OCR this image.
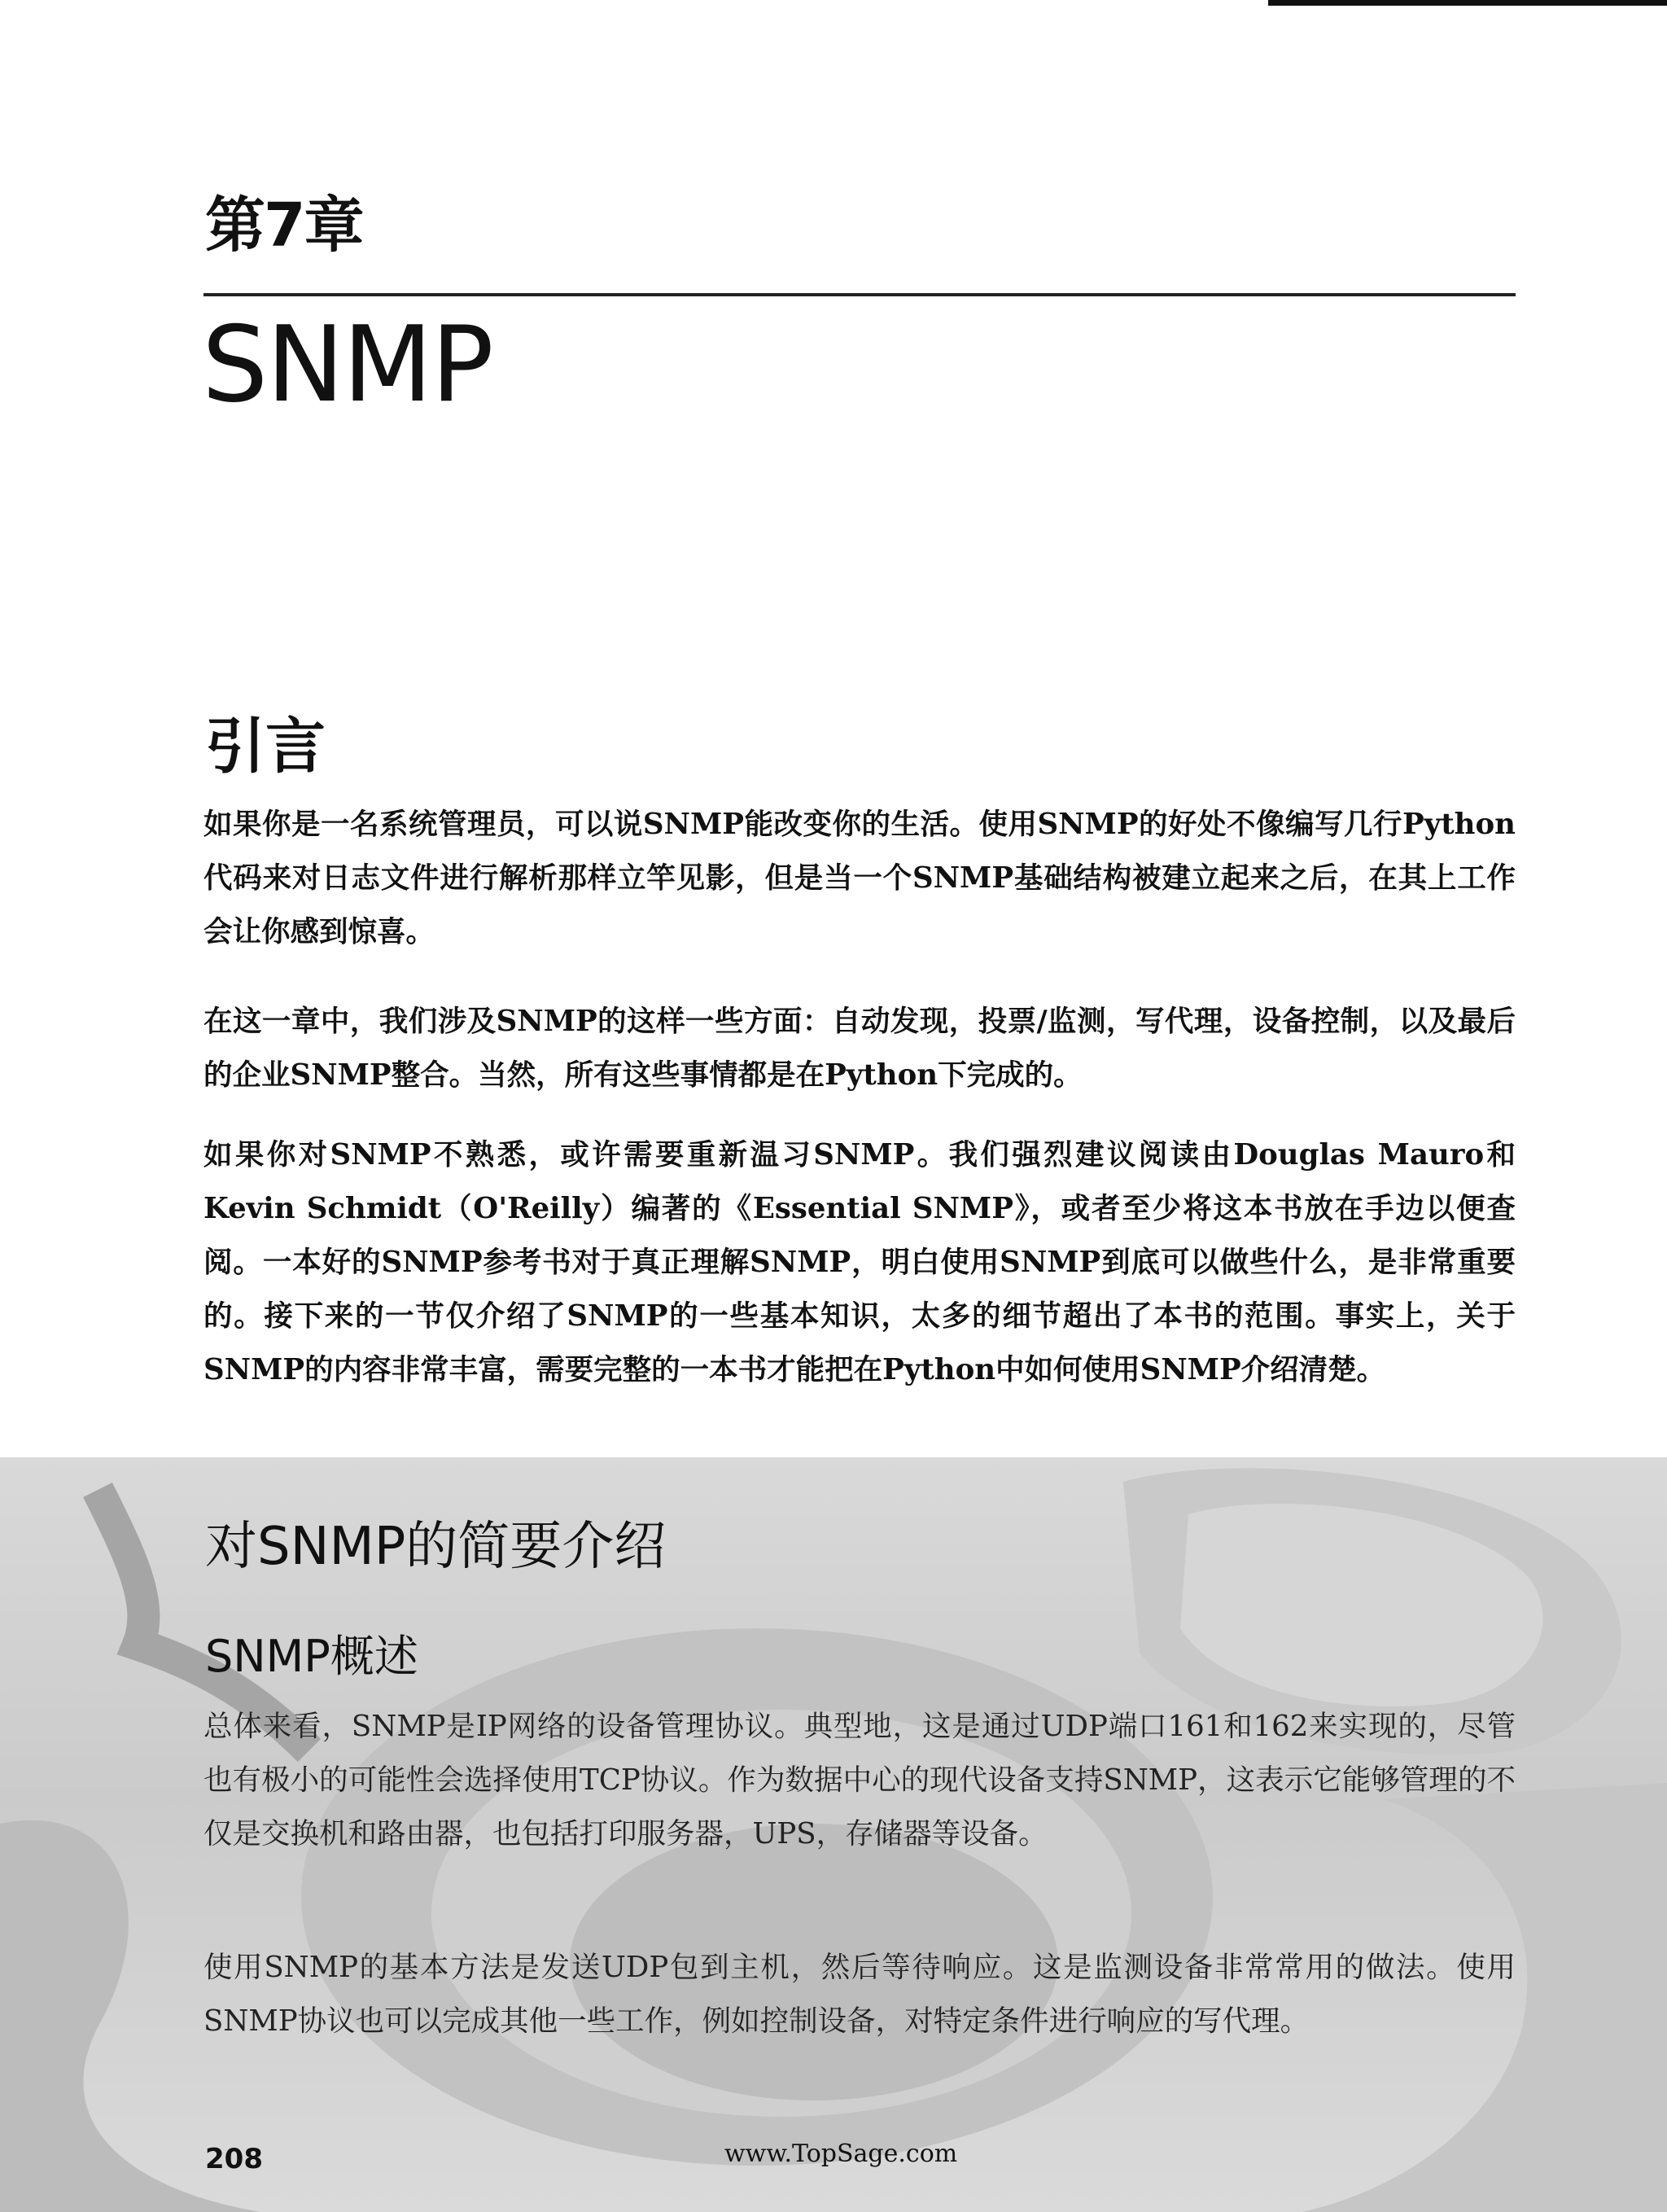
第7章
SNMP
引言

如果你是一名系统管理员，可以说SNMP能改变你的生活。使用SNMP的好处不像编写几行Python代码来对日志文件进行解析那样立竿见影，但是当一个SNMP基础结构被建立起来之后，在其上工作会让你感到惊喜。

在这一章中，我们涉及SNMP的这样一些方面：自动发现，投票/监测，写代理，设备控制，以及最后的企业SNMP整合。当然，所有这些事情都是在Python下完成的。

如果你对SNMP不熟悉，或许需要重新温习SNMP。我们强烈建议阅读由Douglas Mauro和 Kevin Schmidt（O'Reilly）编著的《Essential SNMP》，或者至少将这本书放在手边以便查阅。一本好的SNMP参考书对于真正理解SNMP，明白使用SNMP到底可以做些什么，是非常重要的。接下来的一节仅介绍了SNMP的一些基本知识，太多的细节超出了本书的范围。事实上，关于SNMP的内容非常丰富，需要完整的一本书才能把在Python中如何使用SNMP介绍清楚。

对SNMP的简要介绍
SNMP概述

总体来看，SNMP是IP网络的设备管理协议。典型地，这是通过UDP端口161和162来实现的，尽管也有极小的可能性会选择使用TCP协议。作为数据中心的现代设备支持SNMP，这表示它能够管理的不仅是交换机和路由器，也包括打印服务器，UPS，存储器等设备。

使用SNMP的基本方法是发送UDP包到主机，然后等待响应。这是监测设备非常常用的做法。使用SNMP协议也可以完成其他一些工作，例如控制设备，对特定条件进行响应的写代理。

208	www.TopSage.com
